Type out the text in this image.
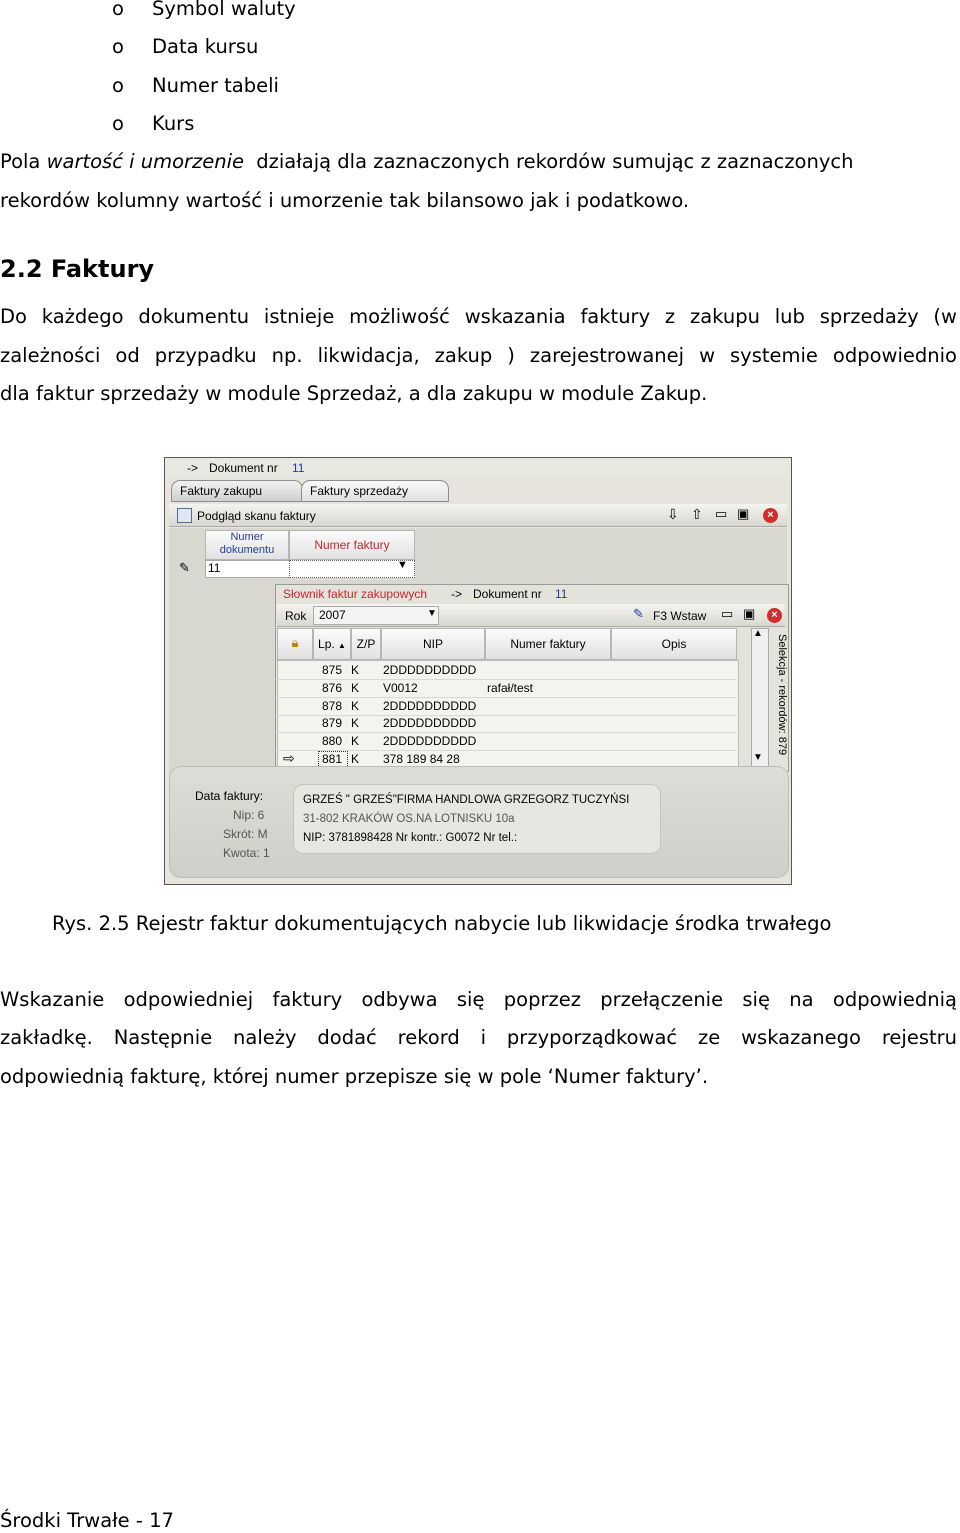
o Symbol waluty
o Data kursu
o Numer tabeli
o Kurs
Pola wartość i umorzenie działają dla zaznaczonych rekordów sumując z zaznaczonych
rekordów kolumny wartość i umorzenie tak bilansowo jak i podatkowo.
2.2 Faktury
Do każdego dokumentu istnieje możliwość wskazania faktury z zakupu lub sprzedaży (w
zależności od przypadku np. likwidacja, zakup ) zarejestrowanej w systemie odpowiednio
dla faktur sprzedaży w module Sprzedaż, a dla zakupu w module Zakup.
-> Dokument nr 11
Faktury zakupu	Faktury sprzedaży
Podgląd skanu faktury	⇩ ⇧ ▭ ▣	×
Numer
dokumentu	Numer faktury
✎ 11	▼
Słownik faktur zakupowych -> Dokument nr 11
Rok 2007	▼	✎ F3 Wstaw ▭ ▣	×
🔒︎	Lp. ▲ Z/P	NIP	Numer faktury	Opis
875 K 2DDDDDDDDDD
876 K V0012	rafał/test
878 K 2DDDDDDDDDD
879 K 2DDDDDDDDDD
880 K 2DDDDDDDDDD
881 K 378 189 84 28
⇨
▲
▼
Selekcja - rekordów: 879
Data faktury:
Nip: 6
Skrót: M
Kwota: 1
GRZEŚ " GRZEŚ"FIRMA HANDLOWA GRZEGORZ TUCZYŃSI
31-802 KRAKÓW OS.NA LOTNISKU 10a
NIP: 3781898428 Nr kontr.: G0072 Nr tel.:
Rys. 2.5 Rejestr faktur dokumentujących nabycie lub likwidacje środka trwałego
Wskazanie odpowiedniej faktury odbywa się poprzez przełączenie się na odpowiednią
zakładkę. Następnie należy dodać rekord i przyporządkować ze wskazanego rejestru
odpowiednią fakturę, której numer przepisze się w pole ‘Numer faktury’.
Środki Trwałe - 17
